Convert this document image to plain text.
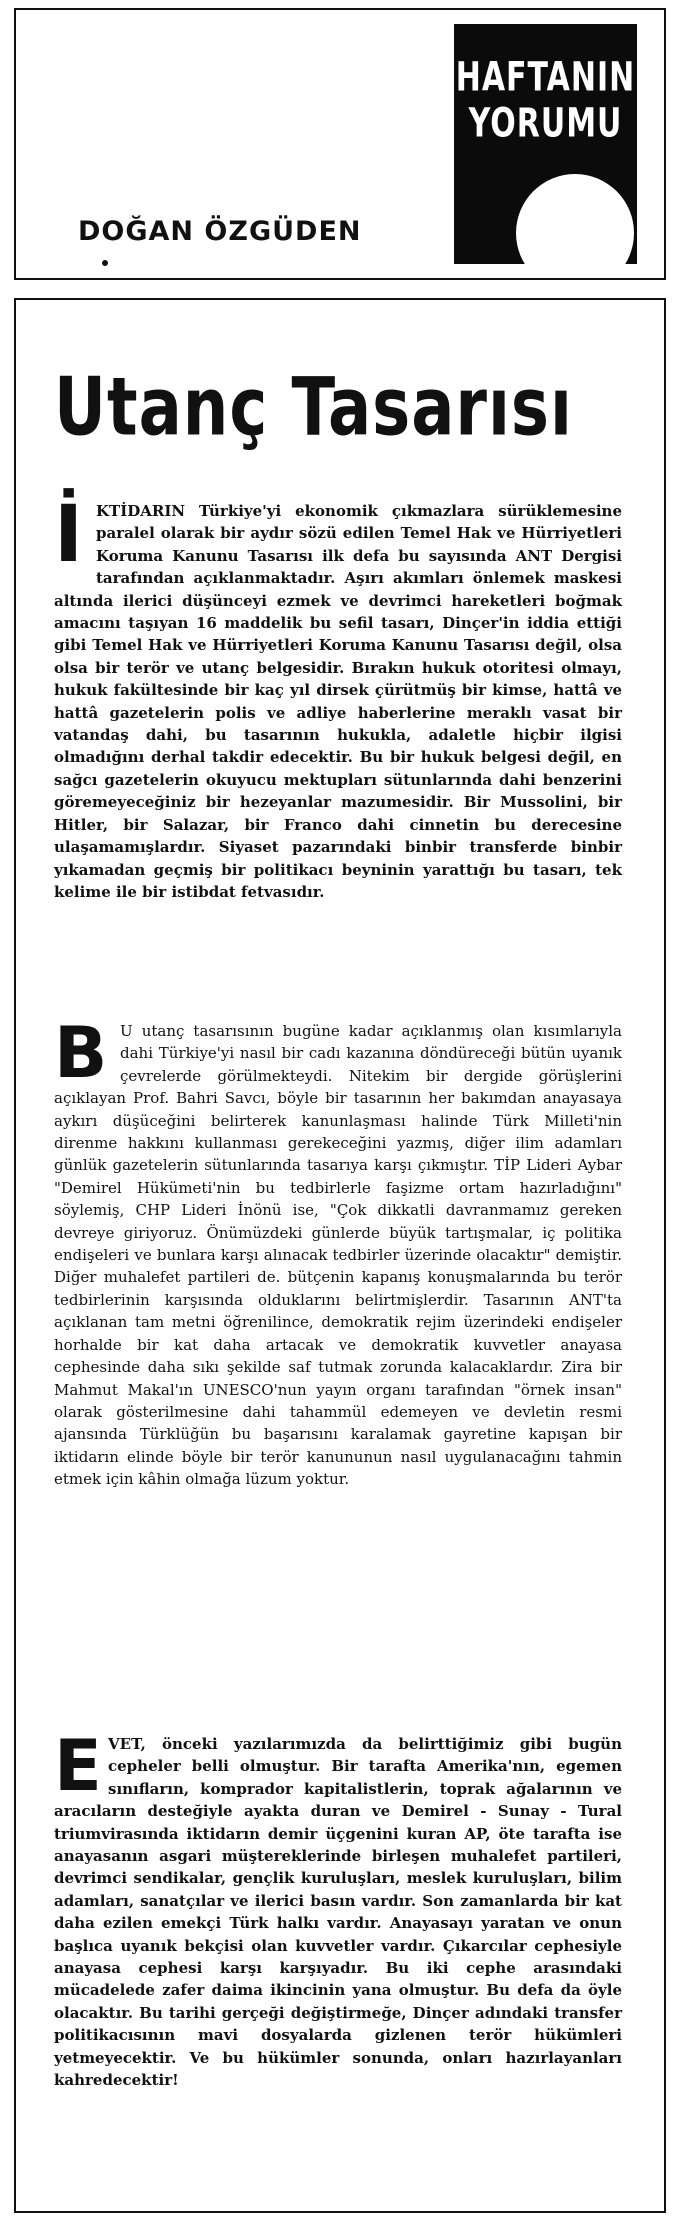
DOĞAN ÖZGÜDEN
HAFTANIN
YORUMU
Utanç Tasarısı
İ KTİDARIN Türkiye'yi ekonomik çıkmazlara sürüklemesine paralel olarak bir aydır sözü edilen Temel Hak ve Hürriyetleri Koruma Kanunu Tasarısı ilk defa bu sayısında ANT Dergisi tarafından açıklanmaktadır. Aşırı akımları önlemek maskesi altında ilerici düşünceyi ezmek ve devrimci hareketleri boğmak amacını taşıyan 16 maddelik bu sefil tasarı, Dinçer'in iddia ettiği gibi Temel Hak ve Hürriyetleri Koruma Kanunu Tasarısı değil, olsa olsa bir terör ve utanç belgesidir. Bırakın hukuk otoritesi olmayı, hukuk fakültesinde bir kaç yıl dirsek çürütmüş bir kimse, hattâ ve hattâ gazetelerin polis ve adliye haberlerine meraklı vasat bir vatandaş dahi, bu tasarının hukukla, adaletle hiçbir ilgisi olmadığını derhal takdir edecektir. Bu bir hukuk belgesi değil, en sağcı gazetelerin okuyucu mektupları sütunlarında dahi benzerini göremeyeceğiniz bir hezeyanlar mazumesidir. Bir Mussolini, bir Hitler, bir Salazar, bir Franco dahi cinnetin bu derecesine ulaşamamışlardır. Siyaset pazarındaki binbir transferde binbir yıkamadan geçmiş bir politikacı beyninin yarattığı bu tasarı, tek kelime ile bir istibdat fetvasıdır.
B U utanç tasarısının bugüne kadar açıklanmış olan kısımlarıyla dahi Türkiye'yi nasıl bir cadı kazanına döndüreceği bütün uyanık çevrelerde görülmekteydi. Nitekim bir dergide görüşlerini açıklayan Prof. Bahri Savcı, böyle bir tasarının her bakımdan anayasaya aykırı düşüceğini belirterek kanunlaşması halinde Türk Milleti'nin direnme hakkını kullanması gerekeceğini yazmış, diğer ilim adamları günlük gazetelerin sütunlarında tasarıya karşı çıkmıştır. TİP Lideri Aybar "Demirel Hükümeti'nin bu tedbirlerle faşizme ortam hazırladığını" söylemiş, CHP Lideri İnönü ise, "Çok dikkatli davranmamız gereken devreye giriyoruz. Önümüzdeki günlerde büyük tartışmalar, iç politika endişeleri ve bunlara karşı alınacak tedbirler üzerinde olacaktır" demiştir. Diğer muhalefet partileri de. bütçenin kapanış konuşmalarında bu terör tedbirlerinin karşısında olduklarını belirtmişlerdir. Tasarının ANT'ta açıklanan tam metni öğrenilince, demokratik rejim üzerindeki endişeler horhalde bir kat daha artacak ve demokratik kuvvetler anayasa cephesinde daha sıkı şekilde saf tutmak zorunda kalacaklardır. Zira bir Mahmut Makal'ın UNESCO'nun yayın organı tarafından "örnek insan" olarak gösterilmesine dahi tahammül edemeyen ve devletin resmi ajansında Türklüğün bu başarısını karalamak gayretine kapışan bir iktidarın elinde böyle bir terör kanununun nasıl uygulanacağını tahmin etmek için kâhin olmağa lüzum yoktur.
E VET, önceki yazılarımızda da belirttiğimiz gibi bugün cepheler belli olmuştur. Bir tarafta Amerika'nın, egemen sınıfların, komprador kapitalistlerin, toprak ağalarının ve aracıların desteğiyle ayakta duran ve Demirel - Sunay - Tural triumvirasında iktidarın demir üçgenini kuran AP, öte tarafta ise anayasanın asgari müştereklerinde birleşen muhalefet partileri, devrimci sendikalar, gençlik kuruluşları, meslek kuruluşları, bilim adamları, sanatçılar ve ilerici basın vardır. Son zamanlarda bir kat daha ezilen emekçi Türk halkı vardır. Anayasayı yaratan ve onun başlıca uyanık bekçisi olan kuvvetler vardır. Çıkarcılar cephesiyle anayasa cephesi karşı karşıyadır. Bu iki cephe arasındaki mücadelede zafer daima ikincinin yana olmuştur. Bu defa da öyle olacaktır. Bu tarihi gerçeği değiştirmeğe, Dinçer adındaki transfer politikacısının mavi dosyalarda gizlenen terör hükümleri yetmeyecektir. Ve bu hükümler sonunda, onları hazırlayanları kahredecektir!
